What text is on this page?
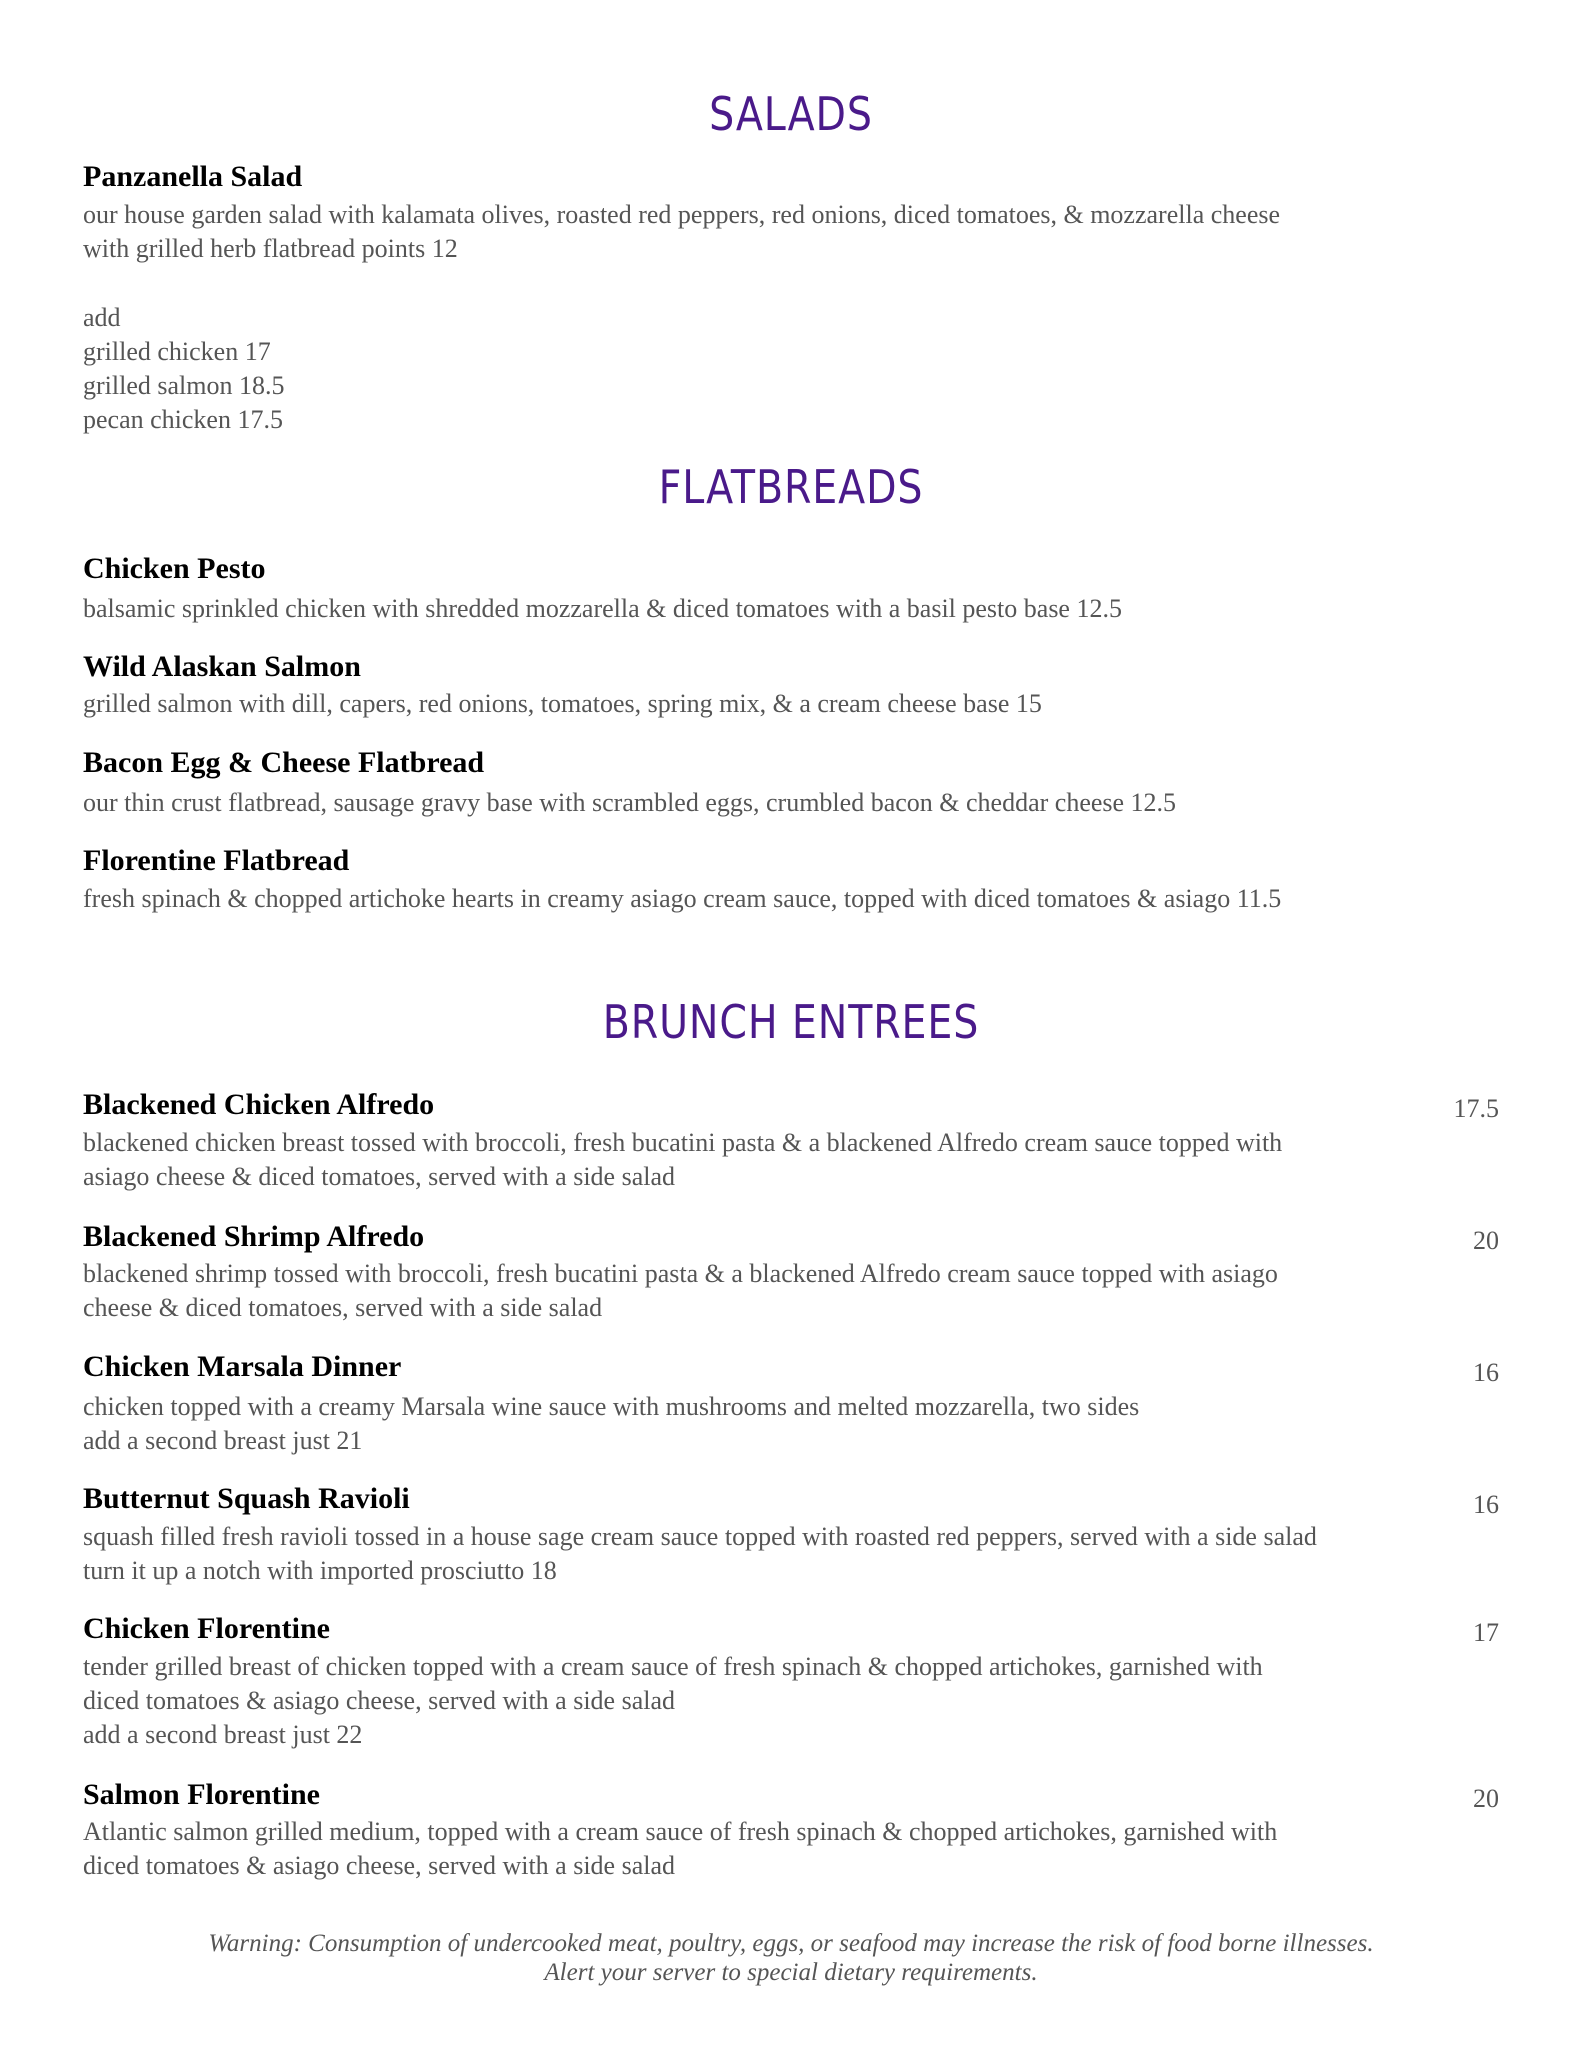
SALADS
Panzanella Salad
our house garden salad with kalamata olives, roasted red peppers, red onions, diced tomatoes, & mozzarella cheese
with grilled herb flatbread points 12
add
grilled chicken 17
grilled salmon 18.5
pecan chicken 17.5
FLATBREADS
Chicken Pesto
balsamic sprinkled chicken with shredded mozzarella & diced tomatoes with a basil pesto base 12.5
Wild Alaskan Salmon
grilled salmon with dill, capers, red onions, tomatoes, spring mix, & a cream cheese base 15
Bacon Egg & Cheese Flatbread
our thin crust flatbread, sausage gravy base with scrambled eggs, crumbled bacon & cheddar cheese 12.5
Florentine Flatbread
fresh spinach & chopped artichoke hearts in creamy asiago cream sauce, topped with diced tomatoes & asiago 11.5
BRUNCH ENTREES
Blackened Chicken Alfredo	17.5
blackened chicken breast tossed with broccoli, fresh bucatini pasta & a blackened Alfredo cream sauce topped with
asiago cheese & diced tomatoes, served with a side salad
Blackened Shrimp Alfredo	20
blackened shrimp tossed with broccoli, fresh bucatini pasta & a blackened Alfredo cream sauce topped with asiago
cheese & diced tomatoes, served with a side salad
Chicken Marsala Dinner	16
chicken topped with a creamy Marsala wine sauce with mushrooms and melted mozzarella, two sides
add a second breast just 21
Butternut Squash Ravioli	16
squash filled fresh ravioli tossed in a house sage cream sauce topped with roasted red peppers, served with a side salad
turn it up a notch with imported prosciutto 18
Chicken Florentine	17
tender grilled breast of chicken topped with a cream sauce of fresh spinach & chopped artichokes, garnished with
diced tomatoes & asiago cheese, served with a side salad
add a second breast just 22
Salmon Florentine	20
Atlantic salmon grilled medium, topped with a cream sauce of fresh spinach & chopped artichokes, garnished with
diced tomatoes & asiago cheese, served with a side salad
Warning: Consumption of undercooked meat, poultry, eggs, or seafood may increase the risk of food borne illnesses.
Alert your server to special dietary requirements.
